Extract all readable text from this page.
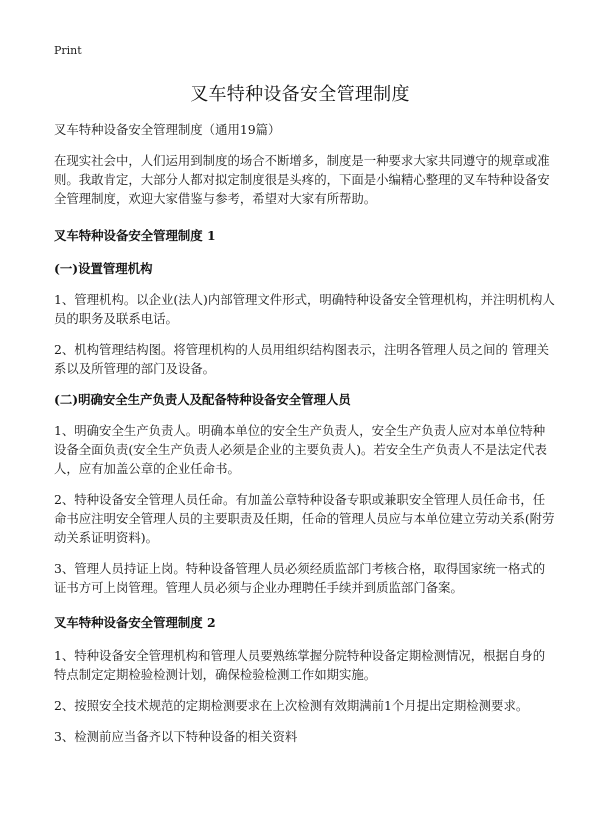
Print
叉车特种设备安全管理制度

叉车特种设备安全管理制度（通用19篇）

在现实社会中，人们运用到制度的场合不断增多，制度是一种要求大家共同遵守的规章或准则。我敢肯定，大部分人都对拟定制度很是头疼的，下面是小编精心整理的叉车特种设备安全管理制度，欢迎大家借鉴与参考，希望对大家有所帮助。

叉车特种设备安全管理制度 1

(一)设置管理机构

1、管理机构。以企业(法人)内部管理文件形式，明确特种设备安全管理机构，并注明机构人员的职务及联系电话。

2、机构管理结构图。将管理机构的人员用组织结构图表示，注明各管理人员之间的 管理关系以及所管理的部门及设备。

(二)明确安全生产负责人及配备特种设备安全管理人员

1、明确安全生产负责人。明确本单位的安全生产负责人，安全生产负责人应对本单位特种设备全面负责(安全生产负责人必须是企业的主要负责人)。若安全生产负责人不是法定代表人，应有加盖公章的企业任命书。

2、特种设备安全管理人员任命。有加盖公章特种设备专职或兼职安全管理人员任命书，任命书应注明安全管理人员的主要职责及任期，任命的管理人员应与本单位建立劳动关系(附劳动关系证明资料)。

3、管理人员持证上岗。特种设备管理人员必须经质监部门考核合格，取得国家统一格式的证书方可上岗管理。管理人员必须与企业办理聘任手续并到质监部门备案。

叉车特种设备安全管理制度 2

1、特种设备安全管理机构和管理人员要熟练掌握分院特种设备定期检测情况，根据自身的特点制定定期检验检测计划，确保检验检测工作如期实施。

2、按照安全技术规范的定期检测要求在上次检测有效期满前1个月提出定期检测要求。

3、检测前应当备齐以下特种设备的相关资料
